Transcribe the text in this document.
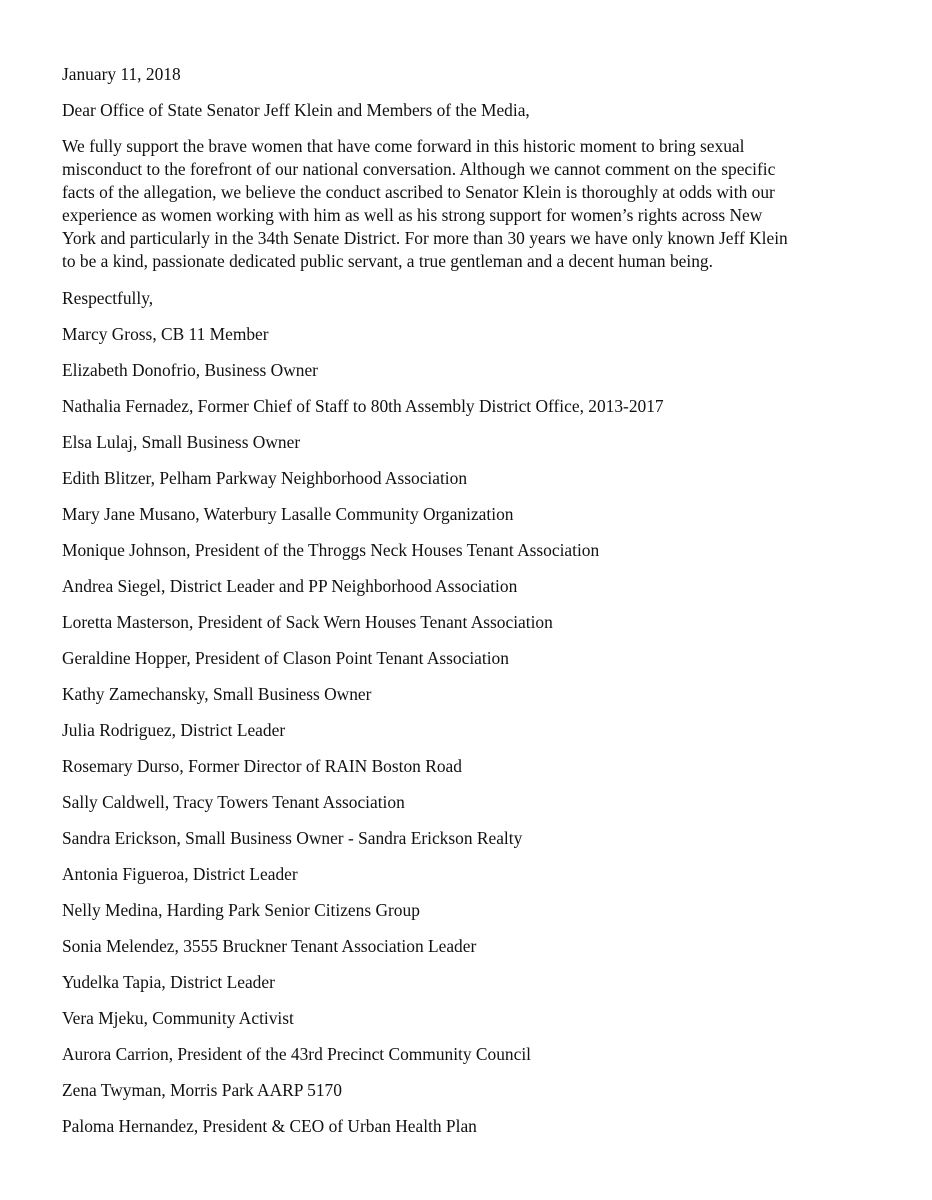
January 11, 2018

Dear Office of State Senator Jeff Klein and Members of the Media,

We fully support the brave women that have come forward in this historic moment to bring sexual
misconduct to the forefront of our national conversation. Although we cannot comment on the specific
facts of the allegation, we believe the conduct ascribed to Senator Klein is thoroughly at odds with our
experience as women working with him as well as his strong support for women’s rights across New
York and particularly in the 34th Senate District. For more than 30 years we have only known Jeff Klein
to be a kind, passionate dedicated public servant, a true gentleman and a decent human being.

Respectfully,

Marcy Gross, CB 11 Member
Elizabeth Donofrio, Business Owner
Nathalia Fernadez, Former Chief of Staff to 80th Assembly District Office, 2013-2017
Elsa Lulaj, Small Business Owner
Edith Blitzer, Pelham Parkway Neighborhood Association
Mary Jane Musano, Waterbury Lasalle Community Organization
Monique Johnson, President of the Throggs Neck Houses Tenant Association
Andrea Siegel, District Leader and PP Neighborhood Association
Loretta Masterson, President of Sack Wern Houses Tenant Association
Geraldine Hopper, President of Clason Point Tenant Association
Kathy Zamechansky, Small Business Owner
Julia Rodriguez, District Leader
Rosemary Durso, Former Director of RAIN Boston Road
Sally Caldwell, Tracy Towers Tenant Association
Sandra Erickson, Small Business Owner - Sandra Erickson Realty
Antonia Figueroa, District Leader
Nelly Medina, Harding Park Senior Citizens Group
Sonia Melendez, 3555 Bruckner Tenant Association Leader
Yudelka Tapia, District Leader
Vera Mjeku, Community Activist
Aurora Carrion, President of the 43rd Precinct Community Council
Zena Twyman, Morris Park AARP 5170
Paloma Hernandez, President & CEO of Urban Health Plan
